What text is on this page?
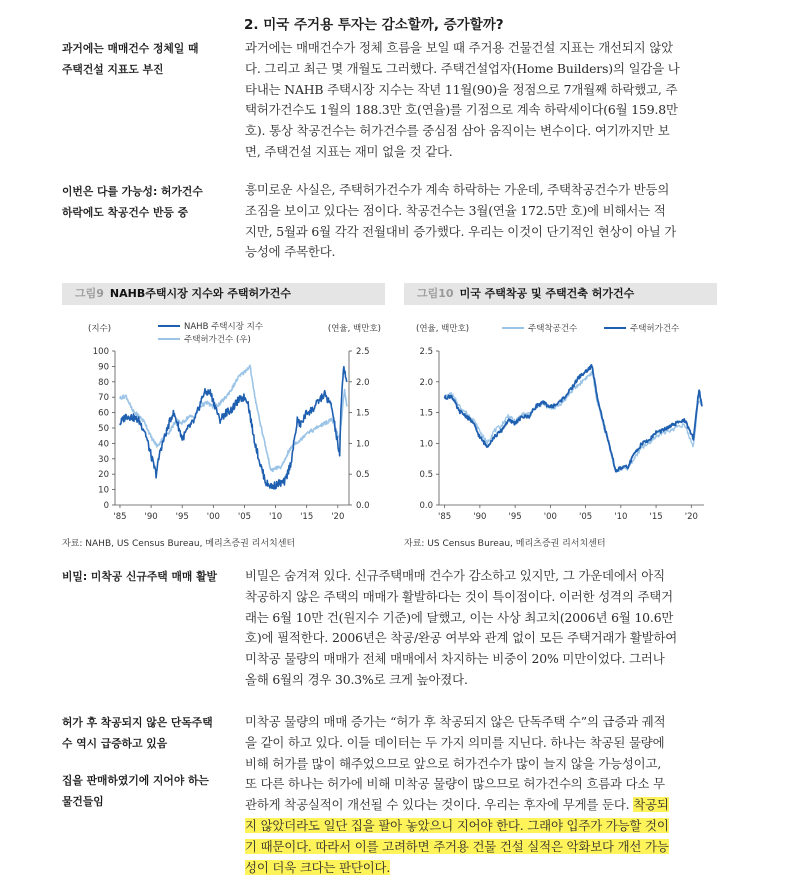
2. 미국 주거용 투자는 감소할까, 증가할까?
과거에는 매매건수 정체일 때
주택건설 지표도 부진
과거에는 매매건수가 정체 흐름을 보일 때 주거용 건물건설 지표는 개선되지 않았
다. 그리고 최근 몇 개월도 그러했다. 주택건설업자(Home Builders)의 일감을 나
타내는 NAHB 주택시장 지수는 작년 11월(90)을 정점으로 7개월째 하락했고, 주
택허가건수도 1월의 188.3만 호(연율)를 기점으로 계속 하락세이다(6월 159.8만
호). 통상 착공건수는 허가건수를 중심점 삼아 움직이는 변수이다. 여기까지만 보
면, 주택건설 지표는 재미 없을 것 같다.
이번은 다를 가능성: 허가건수
하락에도 착공건수 반등 중
흥미로운 사실은, 주택허가건수가 계속 하락하는 가운데, 주택착공건수가 반등의
조짐을 보이고 있다는 점이다. 착공건수는 3월(연율 172.5만 호)에 비해서는 적
지만, 5월과 6월 각각 전월대비 증가했다. 우리는 이것이 단기적인 현상이 아닐 가
능성에 주목한다.
그림9 NAHB주택시장 지수와 주택허가건수	그림10 미국 주택착공 및 주택건축 허가건수
0
10
20
30
40
50
60
70
80
90
100
0.0
0.5
1.0
1.5
2.0
2.5
'85 '90 '95 '00 '05 '10 '15 '20
(지수)	(연율, 백만호)
NAHB 주택시장 지수
주택허가건수 (우)
0.0
0.5
1.0
1.5
2.0
2.5
'85	'90	'95	'00	'05	'10	'15	'20
(연율, 백만호)	주택착공건수	주택허가건수
자료: NAHB, US Census Bureau, 메리츠증권 리서치센터	자료: US Census Bureau, 메리츠증권 리서치센터
비밀: 미착공 신규주택 매매 활발 비밀은 숨겨져 있다. 신규주택매매 건수가 감소하고 있지만, 그 가운데에서 아직
착공하지 않은 주택의 매매가 활발하다는 것이 특이점이다. 이러한 성격의 주택거
래는 6월 10만 건(원지수 기준)에 달했고, 이는 사상 최고치(2006년 6월 10.6만
호)에 필적한다. 2006년은 착공/완공 여부와 관계 없이 모든 주택거래가 활발하여
미착공 물량의 매매가 전체 매매에서 차지하는 비중이 20% 미만이었다. 그러나
올해 6월의 경우 30.3%로 크게 높아졌다.
허가 후 착공되지 않은 단독주택
수 역시 급증하고 있음
집을 판매하였기에 지어야 하는
물건들임
미착공 물량의 매매 증가는 “허가 후 착공되지 않은 단독주택 수”의 급증과 궤적
을 같이 하고 있다. 이들 데이터는 두 가지 의미를 지닌다. 하나는 착공된 물량에
비해 허가를 많이 해주었으므로 앞으로 허가건수가 많이 늘지 않을 가능성이고,
또 다른 하나는 허가에 비해 미착공 물량이 많으므로 허가건수의 흐름과 다소 무
관하게 착공실적이 개선될 수 있다는 것이다. 우리는 후자에 무게를 둔다. 착공되
지 않았더라도 일단 집을 팔아 놓았으니 지어야 한다. 그래야 입주가 가능할 것이
기 때문이다. 따라서 이를 고려하면 주거용 건물 건설 실적은 악화보다 개선 가능
성이 더욱 크다는 판단이다.
